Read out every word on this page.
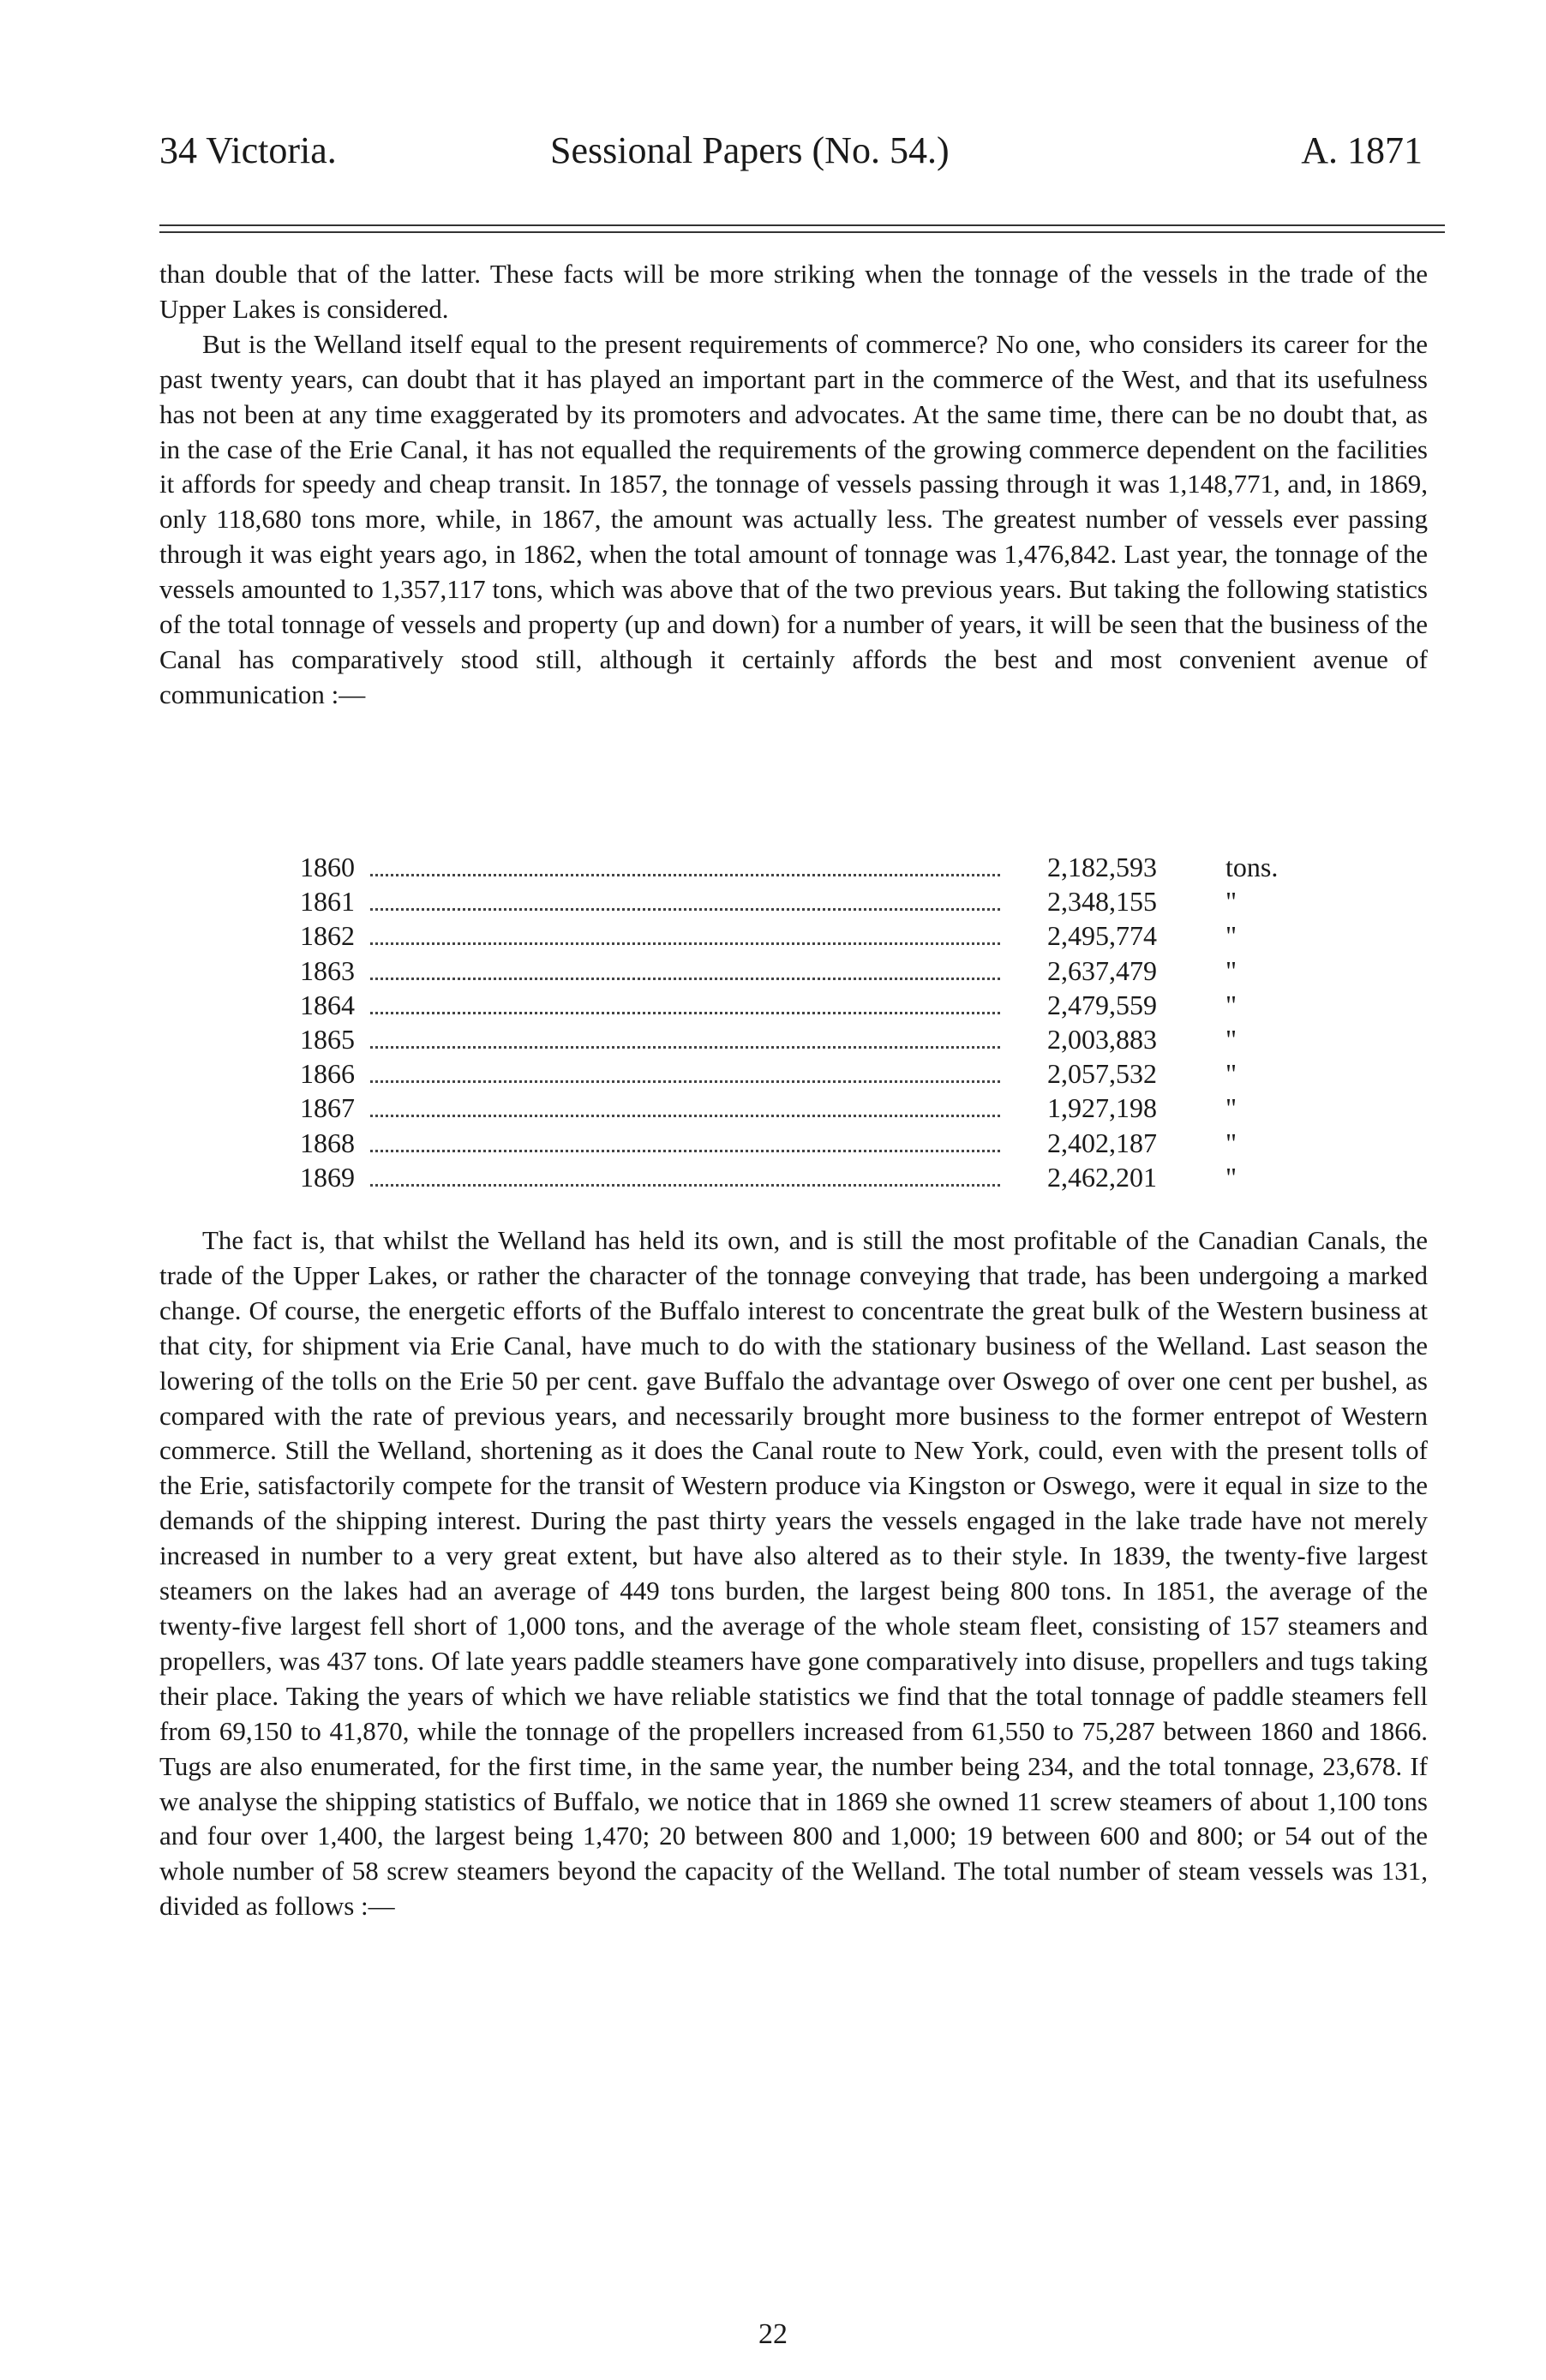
34 Victoria.	Sessional Papers (No. 54.)	A. 1871
than double that of the latter. These facts will be more striking when the tonnage of the vessels in the trade of the Upper Lakes is considered.
But is the Welland itself equal to the present requirements of commerce? No one, who considers its career for the past twenty years, can doubt that it has played an important part in the commerce of the West, and that its usefulness has not been at any time exaggerated by its promoters and advocates. At the same time, there can be no doubt that, as in the case of the Erie Canal, it has not equalled the requirements of the growing commerce dependent on the facilities it affords for speedy and cheap transit. In 1857, the tonnage of vessels passing through it was 1,148,771, and, in 1869, only 118,680 tons more, while, in 1867, the amount was actually less. The greatest number of vessels ever passing through it was eight years ago, in 1862, when the total amount of tonnage was 1,476,842. Last year, the tonnage of the vessels amounted to 1,357,117 tons, which was above that of the two previous years. But taking the following statistics of the total tonnage of vessels and property (up and down) for a number of years, it will be seen that the business of the Canal has comparatively stood still, although it certainly affords the best and most convenient avenue of communication :—
1860	2,182,593	tons.
1861	2,348,155	"
1862	2,495,774	"
1863	2,637,479	"
1864	2,479,559	"
1865	2,003,883	"
1866	2,057,532	"
1867	1,927,198	"
1868	2,402,187	"
1869	2,462,201	"
The fact is, that whilst the Welland has held its own, and is still the most profitable of the Canadian Canals, the trade of the Upper Lakes, or rather the character of the tonnage conveying that trade, has been undergoing a marked change. Of course, the energetic efforts of the Buffalo interest to concentrate the great bulk of the Western business at that city, for shipment via Erie Canal, have much to do with the stationary business of the Welland. Last season the lowering of the tolls on the Erie 50 per cent. gave Buffalo the advantage over Oswego of over one cent per bushel, as compared with the rate of previous years, and necessarily brought more business to the former entrepot of Western commerce. Still the Welland, shortening as it does the Canal route to New York, could, even with the present tolls of the Erie, satisfactorily compete for the transit of Western produce via Kingston or Oswego, were it equal in size to the demands of the shipping interest. During the past thirty years the vessels engaged in the lake trade have not merely increased in number to a very great extent, but have also altered as to their style. In 1839, the twenty-five largest steamers on the lakes had an average of 449 tons burden, the largest being 800 tons. In 1851, the average of the twenty-five largest fell short of 1,000 tons, and the average of the whole steam fleet, consisting of 157 steamers and propellers, was 437 tons. Of late years paddle steamers have gone comparatively into disuse, propellers and tugs taking their place. Taking the years of which we have reliable statistics we find that the total tonnage of paddle steamers fell from 69,150 to 41,870, while the tonnage of the propellers increased from 61,550 to 75,287 between 1860 and 1866. Tugs are also enumerated, for the first time, in the same year, the number being 234, and the total tonnage, 23,678. If we analyse the shipping statistics of Buffalo, we notice that in 1869 she owned 11 screw steamers of about 1,100 tons and four over 1,400, the largest being 1,470; 20 between 800 and 1,000; 19 between 600 and 800; or 54 out of the whole number of 58 screw steamers beyond the capacity of the Welland. The total number of steam vessels was 131, divided as follows :—
22
